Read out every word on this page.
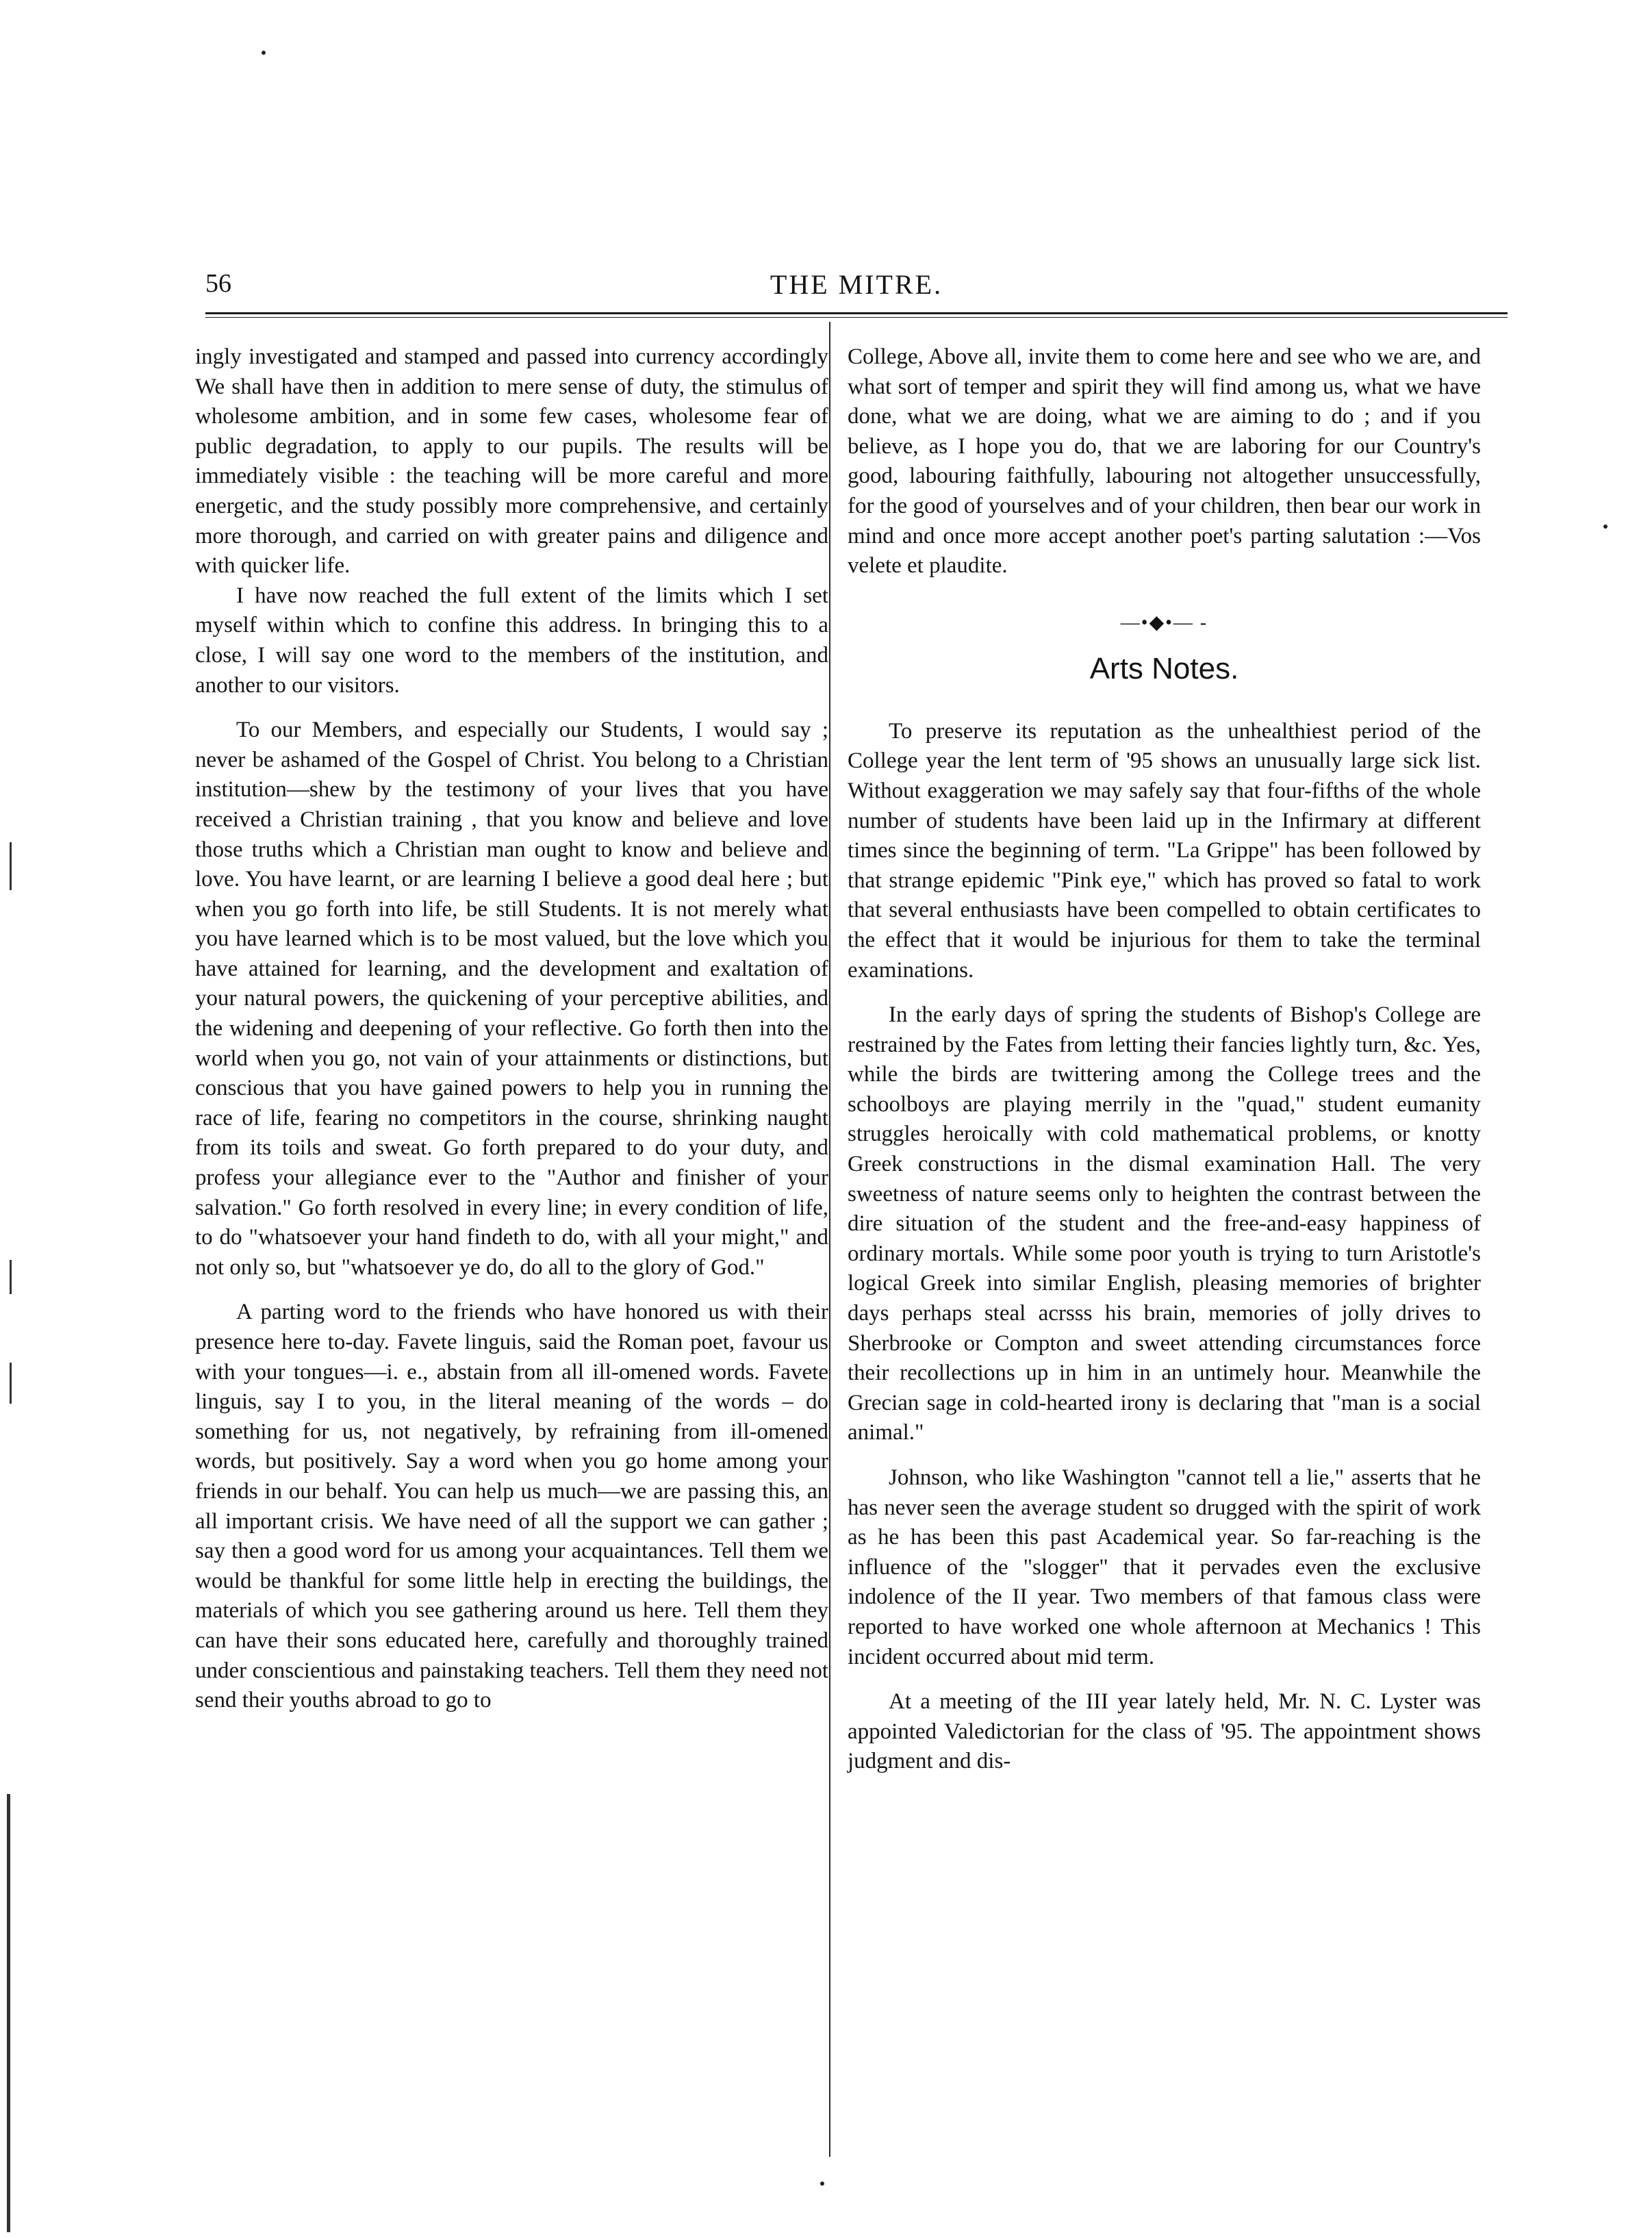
56	THE MITRE.

ingly investigated and stamped and passed into currency accordingly We shall have then in addition to mere sense of duty, the stimulus of wholesome ambition, and in some few cases, wholesome fear of public degradation, to apply to our pupils. The results will be immediately visible : the teaching will be more careful and more energetic, and the study possibly more comprehensive, and certainly more thorough, and carried on with greater pains and diligence and with quicker life.

I have now reached the full extent of the limits which I set myself within which to confine this address. In bringing this to a close, I will say one word to the members of the institution, and another to our visitors.

To our Members, and especially our Students, I would say ; never be ashamed of the Gospel of Christ. You belong to a Christian institution—shew by the testimony of your lives that you have received a Christian training , that you know and believe and love those truths which a Christian man ought to know and believe and love. You have learnt, or are learning I believe a good deal here ; but when you go forth into life, be still Students. It is not merely what you have learned which is to be most valued, but the love which you have attained for learning, and the development and exaltation of your natural powers, the quickening of your perceptive abilities, and the widening and deepening of your reflective. Go forth then into the world when you go, not vain of your attainments or distinctions, but conscious that you have gained powers to help you in running the race of life, fearing no competitors in the course, shrinking naught from its toils and sweat. Go forth prepared to do your duty, and profess your allegiance ever to the "Author and finisher of your salvation." Go forth resolved in every line; in every condition of life, to do "whatsoever your hand findeth to do, with all your might," and not only so, but "whatsoever ye do, do all to the glory of God."

A parting word to the friends who have honored us with their presence here to-day. Favete linguis, said the Roman poet, favour us with your tongues—i. e., abstain from all ill-omened words. Favete linguis, say I to you, in the literal meaning of the words – do something for us, not negatively, by refraining from ill-omened words, but positively. Say a word when you go home among your friends in our behalf. You can help us much—we are passing this, an all important crisis. We have need of all the support we can gather ; say then a good word for us among your acquaintances. Tell them we would be thankful for some little help in erecting the buildings, the materials of which you see gathering around us here. Tell them they can have their sons educated here, carefully and thoroughly trained under conscientious and painstaking teachers. Tell them they need not send their youths abroad to go to

College, Above all, invite them to come here and see who we are, and what sort of temper and spirit they will find among us, what we have done, what we are doing, what we are aiming to do ; and if you believe, as I hope you do, that we are laboring for our Country's good, labouring faithfully, labouring not altogether unsuccessfully, for the good of yourselves and of your children, then bear our work in mind and once more accept another poet's parting salutation :—Vos velete et plaudite.

—•◆•— -
Arts Notes.

To preserve its reputation as the unhealthiest period of the College year the lent term of '95 shows an unusually large sick list. Without exaggeration we may safely say that four-fifths of the whole number of students have been laid up in the Infirmary at different times since the beginning of term. "La Grippe" has been followed by that strange epidemic "Pink eye," which has proved so fatal to work that several enthusiasts have been compelled to obtain certificates to the effect that it would be injurious for them to take the terminal examinations.

In the early days of spring the students of Bishop's College are restrained by the Fates from letting their fancies lightly turn, &c. Yes, while the birds are twittering among the College trees and the schoolboys are playing merrily in the "quad," student eumanity struggles heroically with cold mathematical problems, or knotty Greek constructions in the dismal examination Hall. The very sweetness of nature seems only to heighten the contrast between the dire situation of the student and the free-and-easy happiness of ordinary mortals. While some poor youth is trying to turn Aristotle's logical Greek into similar English, pleasing memories of brighter days perhaps steal acrsss his brain, memories of jolly drives to Sherbrooke or Compton and sweet attending circumstances force their recollections up in him in an untimely hour. Meanwhile the Grecian sage in cold-hearted irony is declaring that "man is a social animal."

Johnson, who like Washington "cannot tell a lie," asserts that he has never seen the average student so drugged with the spirit of work as he has been this past Academical year. So far-reaching is the influence of the "slogger" that it pervades even the exclusive indolence of the II year. Two members of that famous class were reported to have worked one whole afternoon at Mechanics ! This incident occurred about mid term.

At a meeting of the III year lately held, Mr. N. C. Lyster was appointed Valedictorian for the class of '95. The appointment shows judgment and dis-
